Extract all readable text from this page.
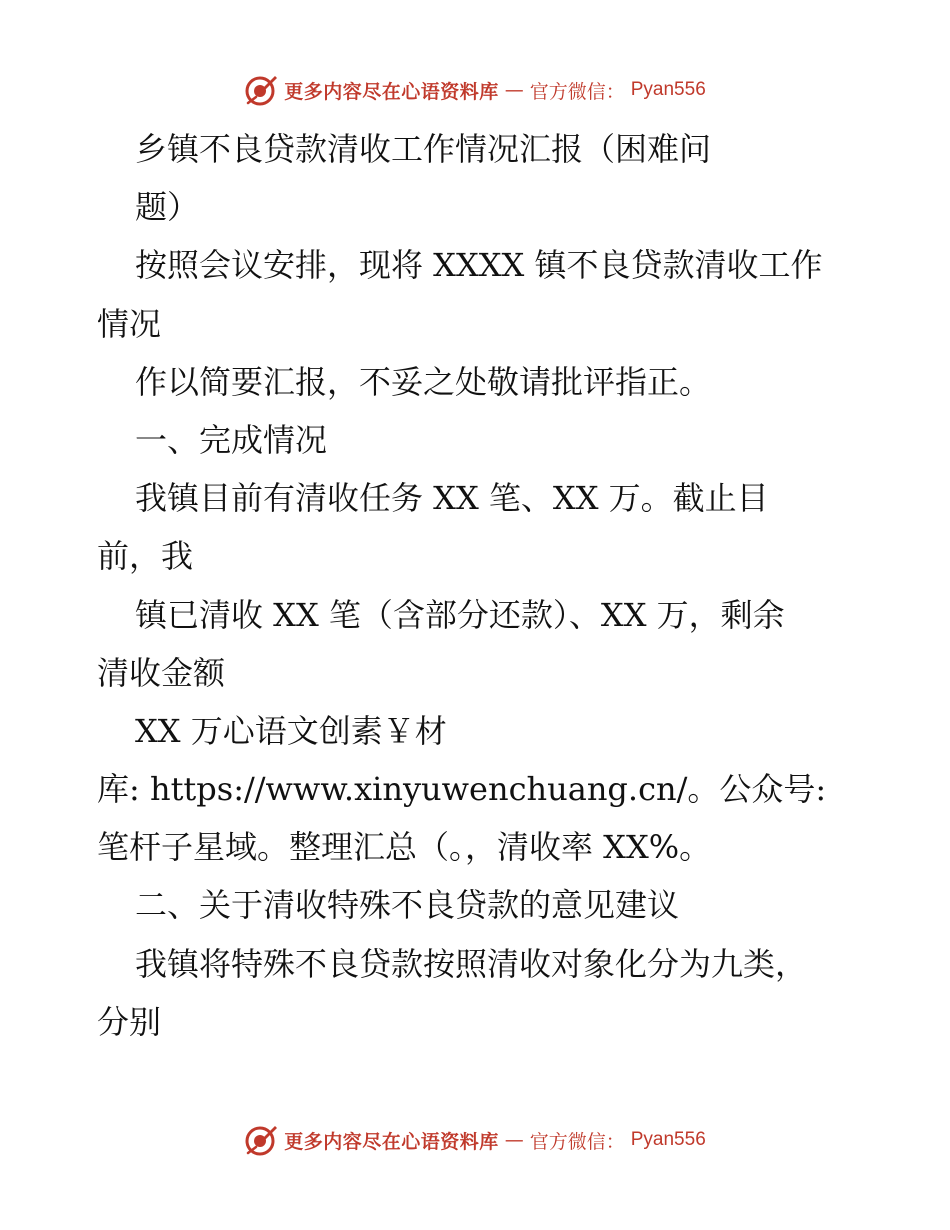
更多内容尽在心语资料库 — 官方微信： Pyan556
乡镇不良贷款清收工作情况汇报（困难问
题）
按照会议安排，现将 XXXX 镇不良贷款清收工作
情况
作以简要汇报，不妥之处敬请批评指正。
一、完成情况
我镇目前有清收任务 XX 笔、XX 万。截止目
前，我
镇已清收 XX 笔（含部分还款）、XX 万，剩余
清收金额
XX 万心语文创素￥材
库: https://www.xinyuwenchuang.cn/。公众号:
笔杆子星域。整理汇总（。，清收率 XX%。
二、关于清收特殊不良贷款的意见建议
我镇将特殊不良贷款按照清收对象化分为九类，
分别
更多内容尽在心语资料库 — 官方微信： Pyan556
